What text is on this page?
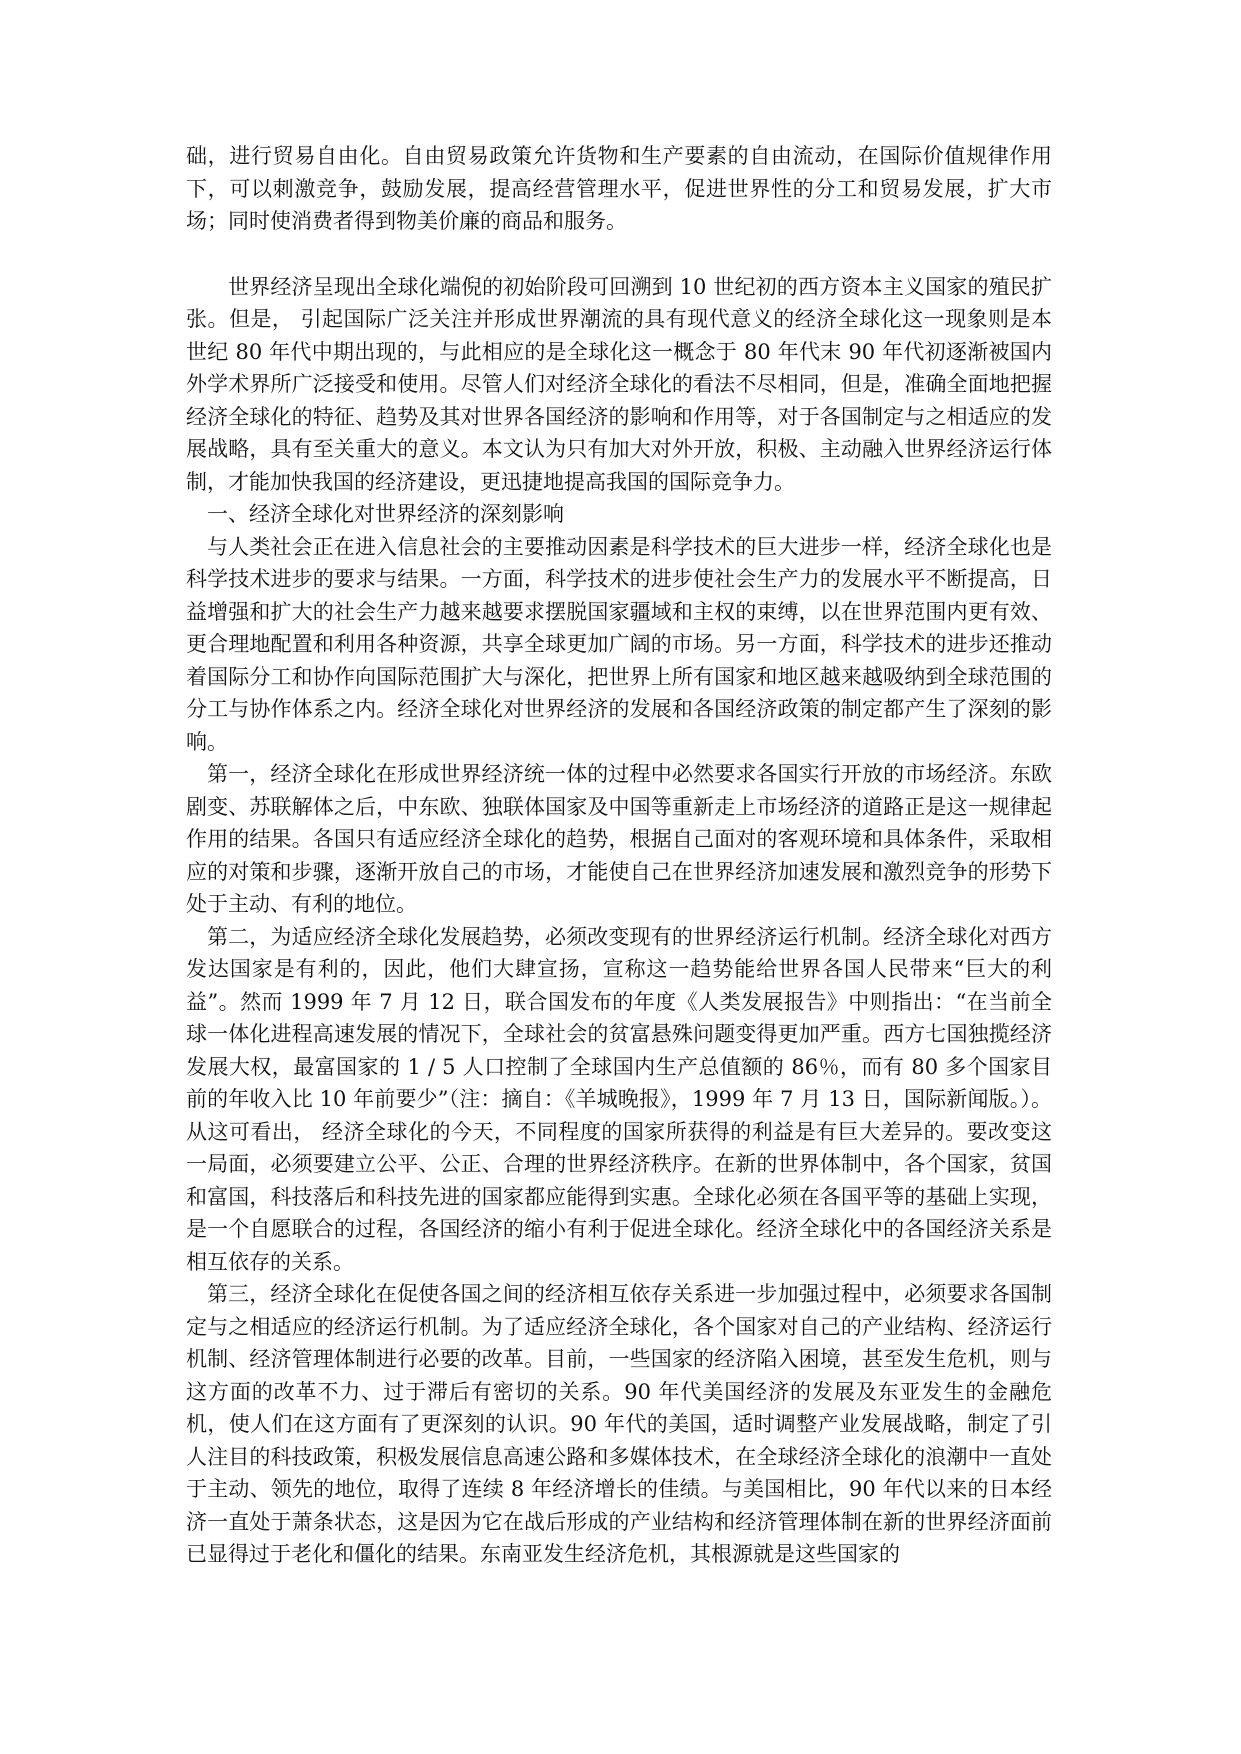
础，进行贸易自由化。自由贸易政策允许货物和生产要素的自由流动，在国际价值规律作用下，可以刺激竞争，鼓励发展，提高经营管理水平，促进世界性的分工和贸易发展，扩大市场；同时使消费者得到物美价廉的商品和服务。

世界经济呈现出全球化端倪的初始阶段可回溯到 10 世纪初的西方资本主义国家的殖民扩张。但是， 引起国际广泛关注并形成世界潮流的具有现代意义的经济全球化这一现象则是本世纪 80 年代中期出现的，与此相应的是全球化这一概念于 80 年代末 90 年代初逐渐被国内外学术界所广泛接受和使用。尽管人们对经济全球化的看法不尽相同，但是，准确全面地把握经济全球化的特征、趋势及其对世界各国经济的影响和作用等，对于各国制定与之相适应的发展战略，具有至关重大的意义。本文认为只有加大对外开放，积极、主动融入世界经济运行体制，才能加快我国的经济建设，更迅捷地提高我国的国际竞争力。

一、经济全球化对世界经济的深刻影响

与人类社会正在进入信息社会的主要推动因素是科学技术的巨大进步一样，经济全球化也是科学技术进步的要求与结果。一方面，科学技术的进步使社会生产力的发展水平不断提高，日益增强和扩大的社会生产力越来越要求摆脱国家疆域和主权的束缚，以在世界范围内更有效、更合理地配置和利用各种资源，共享全球更加广阔的市场。另一方面，科学技术的进步还推动着国际分工和协作向国际范围扩大与深化，把世界上所有国家和地区越来越吸纳到全球范围的分工与协作体系之内。经济全球化对世界经济的发展和各国经济政策的制定都产生了深刻的影响。

第一，经济全球化在形成世界经济统一体的过程中必然要求各国实行开放的市场经济。东欧剧变、苏联解体之后，中东欧、独联体国家及中国等重新走上市场经济的道路正是这一规律起作用的结果。各国只有适应经济全球化的趋势，根据自己面对的客观环境和具体条件，采取相应的对策和步骤，逐渐开放自己的市场，才能使自己在世界经济加速发展和激烈竞争的形势下处于主动、有利的地位。

第二，为适应经济全球化发展趋势，必须改变现有的世界经济运行机制。经济全球化对西方发达国家是有利的，因此，他们大肆宣扬，宣称这一趋势能给世界各国人民带来“巨大的利益”。然而 1999 年 7 月 12 日，联合国发布的年度《人类发展报告》中则指出：“在当前全球一体化进程高速发展的情况下，全球社会的贫富悬殊问题变得更加严重。西方七国独揽经济发展大权，最富国家的 1 / 5 人口控制了全球国内生产总值额的 86％，而有 80 多个国家目前的年收入比 10 年前要少”（注：摘自：《羊城晚报》，1999 年 7 月 13 日，国际新闻版。）。从这可看出， 经济全球化的今天，不同程度的国家所获得的利益是有巨大差异的。要改变这一局面，必须要建立公平、公正、合理的世界经济秩序。在新的世界体制中，各个国家，贫国和富国，科技落后和科技先进的国家都应能得到实惠。全球化必须在各国平等的基础上实现，是一个自愿联合的过程，各国经济的缩小有利于促进全球化。经济全球化中的各国经济关系是相互依存的关系。

第三，经济全球化在促使各国之间的经济相互依存关系进一步加强过程中，必须要求各国制定与之相适应的经济运行机制。为了适应经济全球化，各个国家对自己的产业结构、经济运行机制、经济管理体制进行必要的改革。目前，一些国家的经济陷入困境，甚至发生危机，则与这方面的改革不力、过于滞后有密切的关系。90 年代美国经济的发展及东亚发生的金融危机，使人们在这方面有了更深刻的认识。90 年代的美国，适时调整产业发展战略，制定了引人注目的科技政策，积极发展信息高速公路和多媒体技术，在全球经济全球化的浪潮中一直处于主动、领先的地位，取得了连续 8 年经济增长的佳绩。与美国相比，90 年代以来的日本经济一直处于萧条状态，这是因为它在战后形成的产业结构和经济管理体制在新的世界经济面前已显得过于老化和僵化的结果。东南亚发生经济危机，其根源就是这些国家的
